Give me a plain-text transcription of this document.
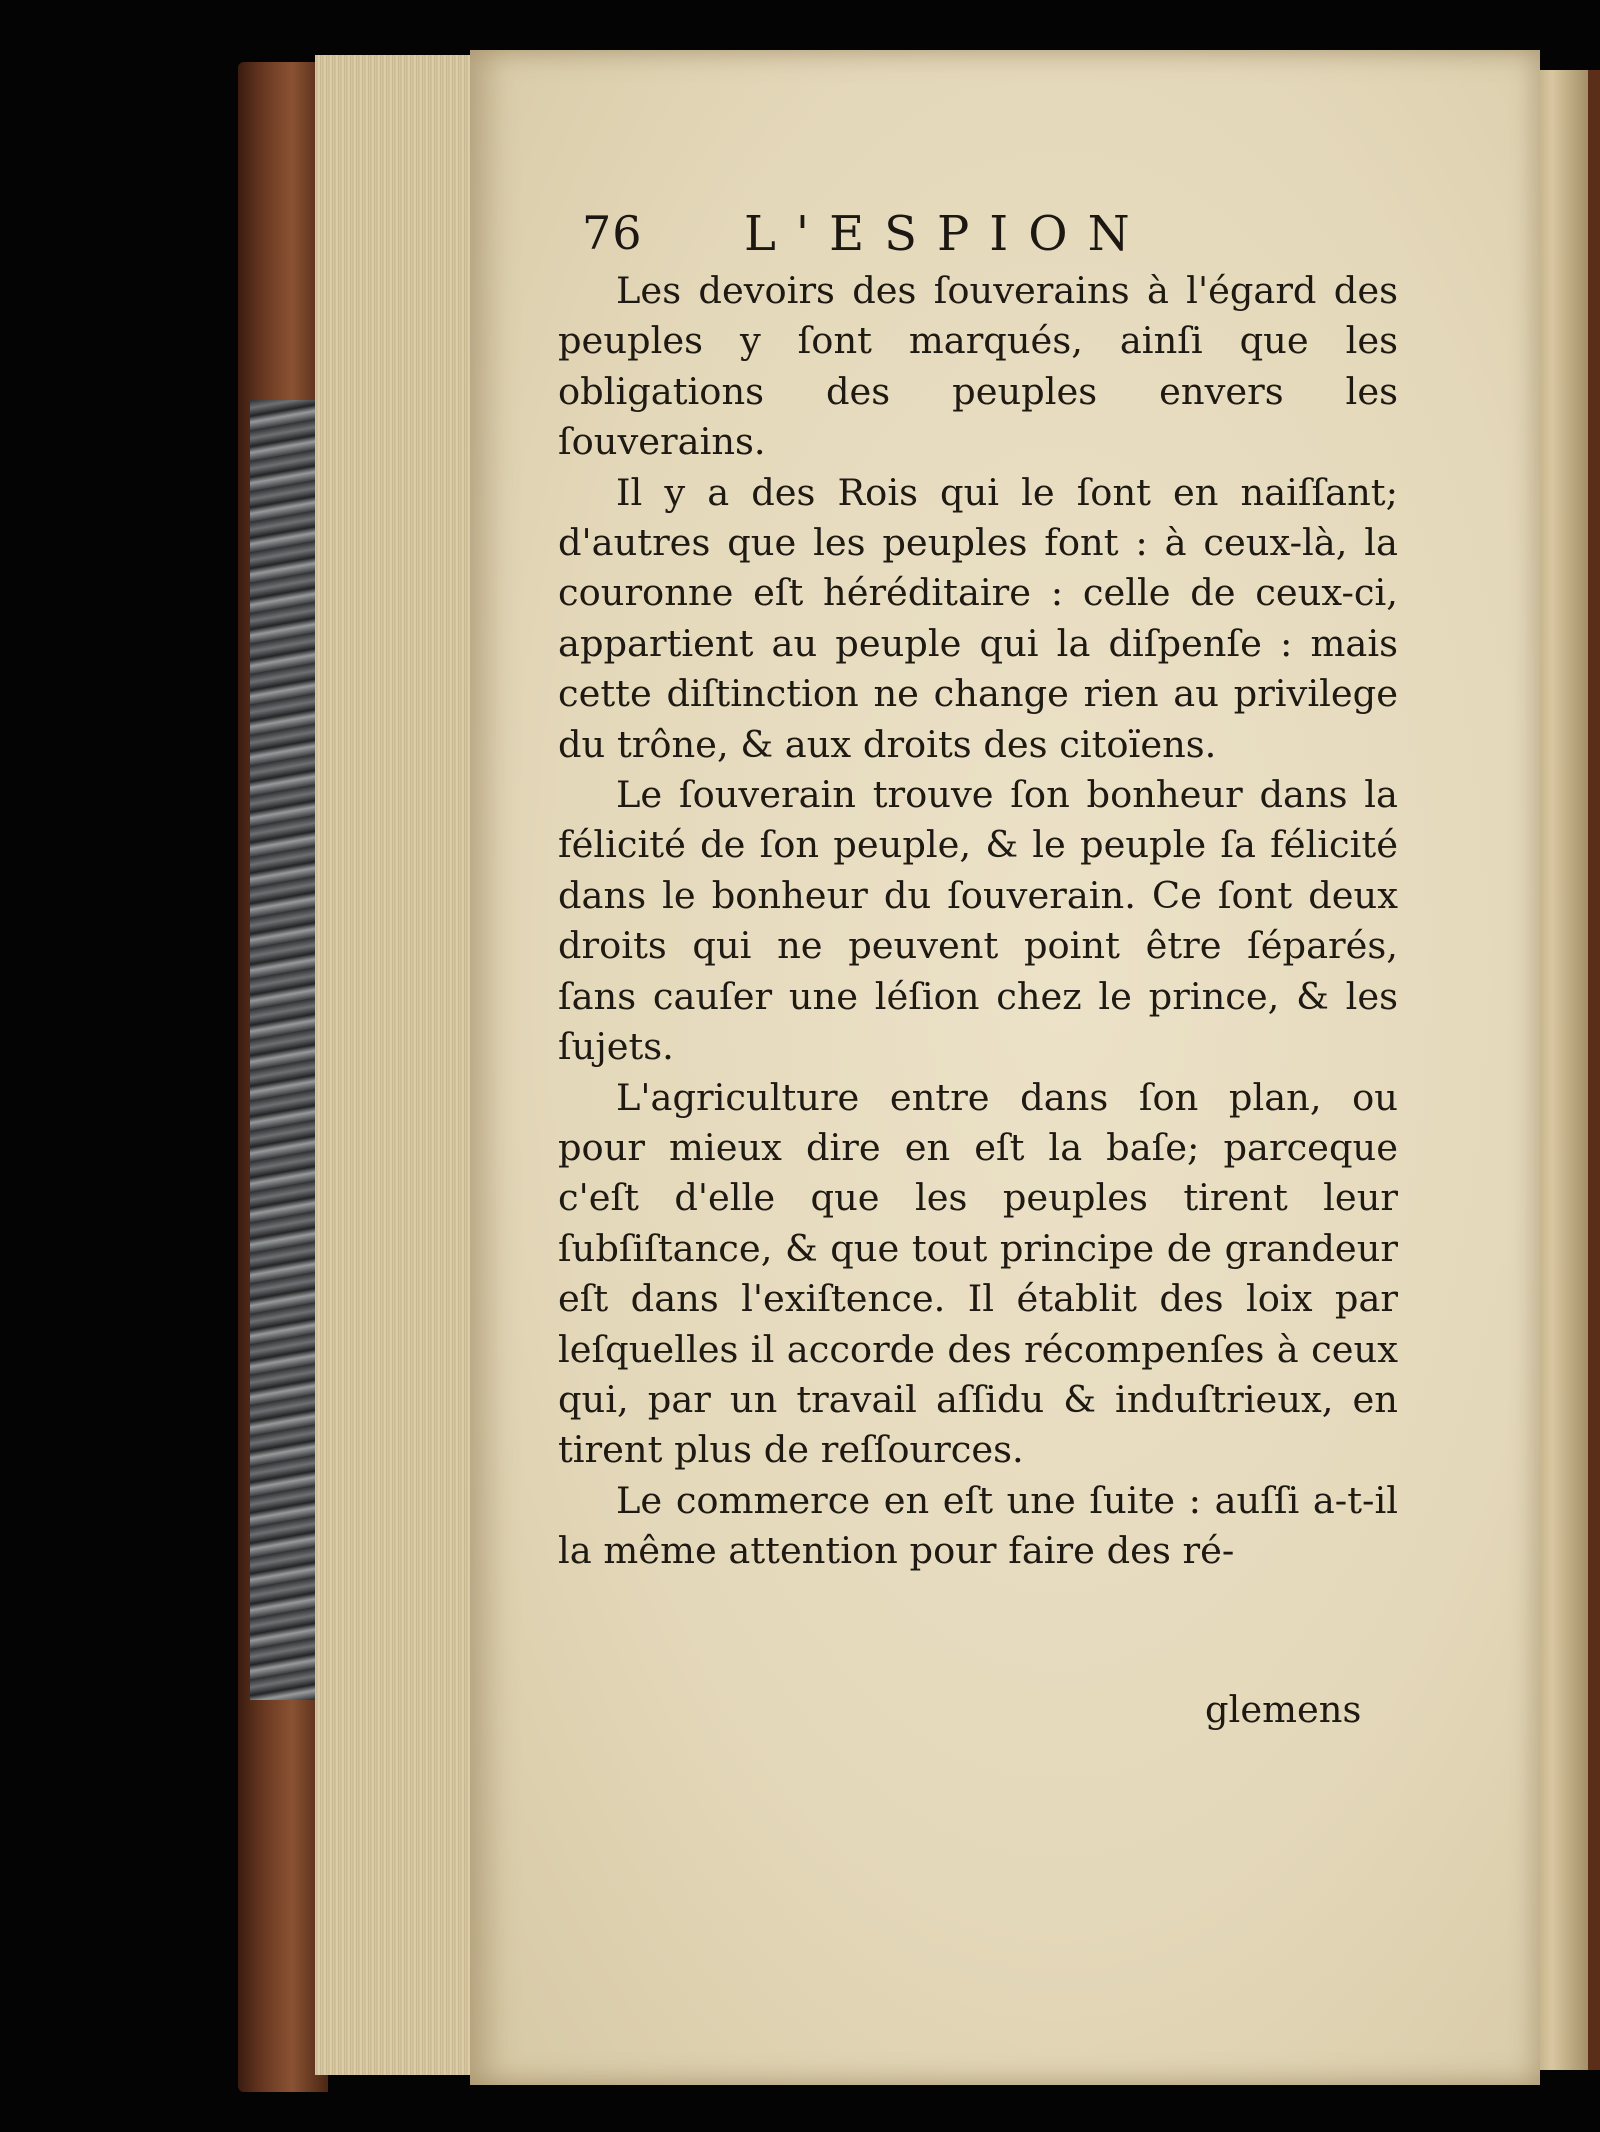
76 L'ESPION

Les devoirs des ſouverains à l'égard des peuples y ſont marqués, ainſi que les obligations des peuples envers les ſouverains.

Il y a des Rois qui le ſont en naiſſant; d'autres que les peuples font : à ceux-là, la couronne eſt héréditaire : celle de ceux-ci, appartient au peuple qui la diſpenſe : mais cette diſtinction ne change rien au privilege du trône, & aux droits des citoïens.

Le ſouverain trouve ſon bonheur dans la félicité de ſon peuple, & le peuple ſa félicité dans le bonheur du ſouverain. Ce ſont deux droits qui ne peuvent point être ſéparés, ſans cauſer une léſion chez le prince, & les ſujets.

L'agriculture entre dans ſon plan, ou pour mieux dire en eſt la baſe; parceque c'eſt d'elle que les peuples tirent leur ſubſiſtance, & que tout principe de grandeur eſt dans l'exiſtence. Il établit des loix par leſquelles il accorde des récompenſes à ceux qui, par un travail aſſidu & induſtrieux, en tirent plus de reſſources.

Le commerce en eſt une ſuite : auſſi a-t-il la même attention pour faire des ré-

glemens
